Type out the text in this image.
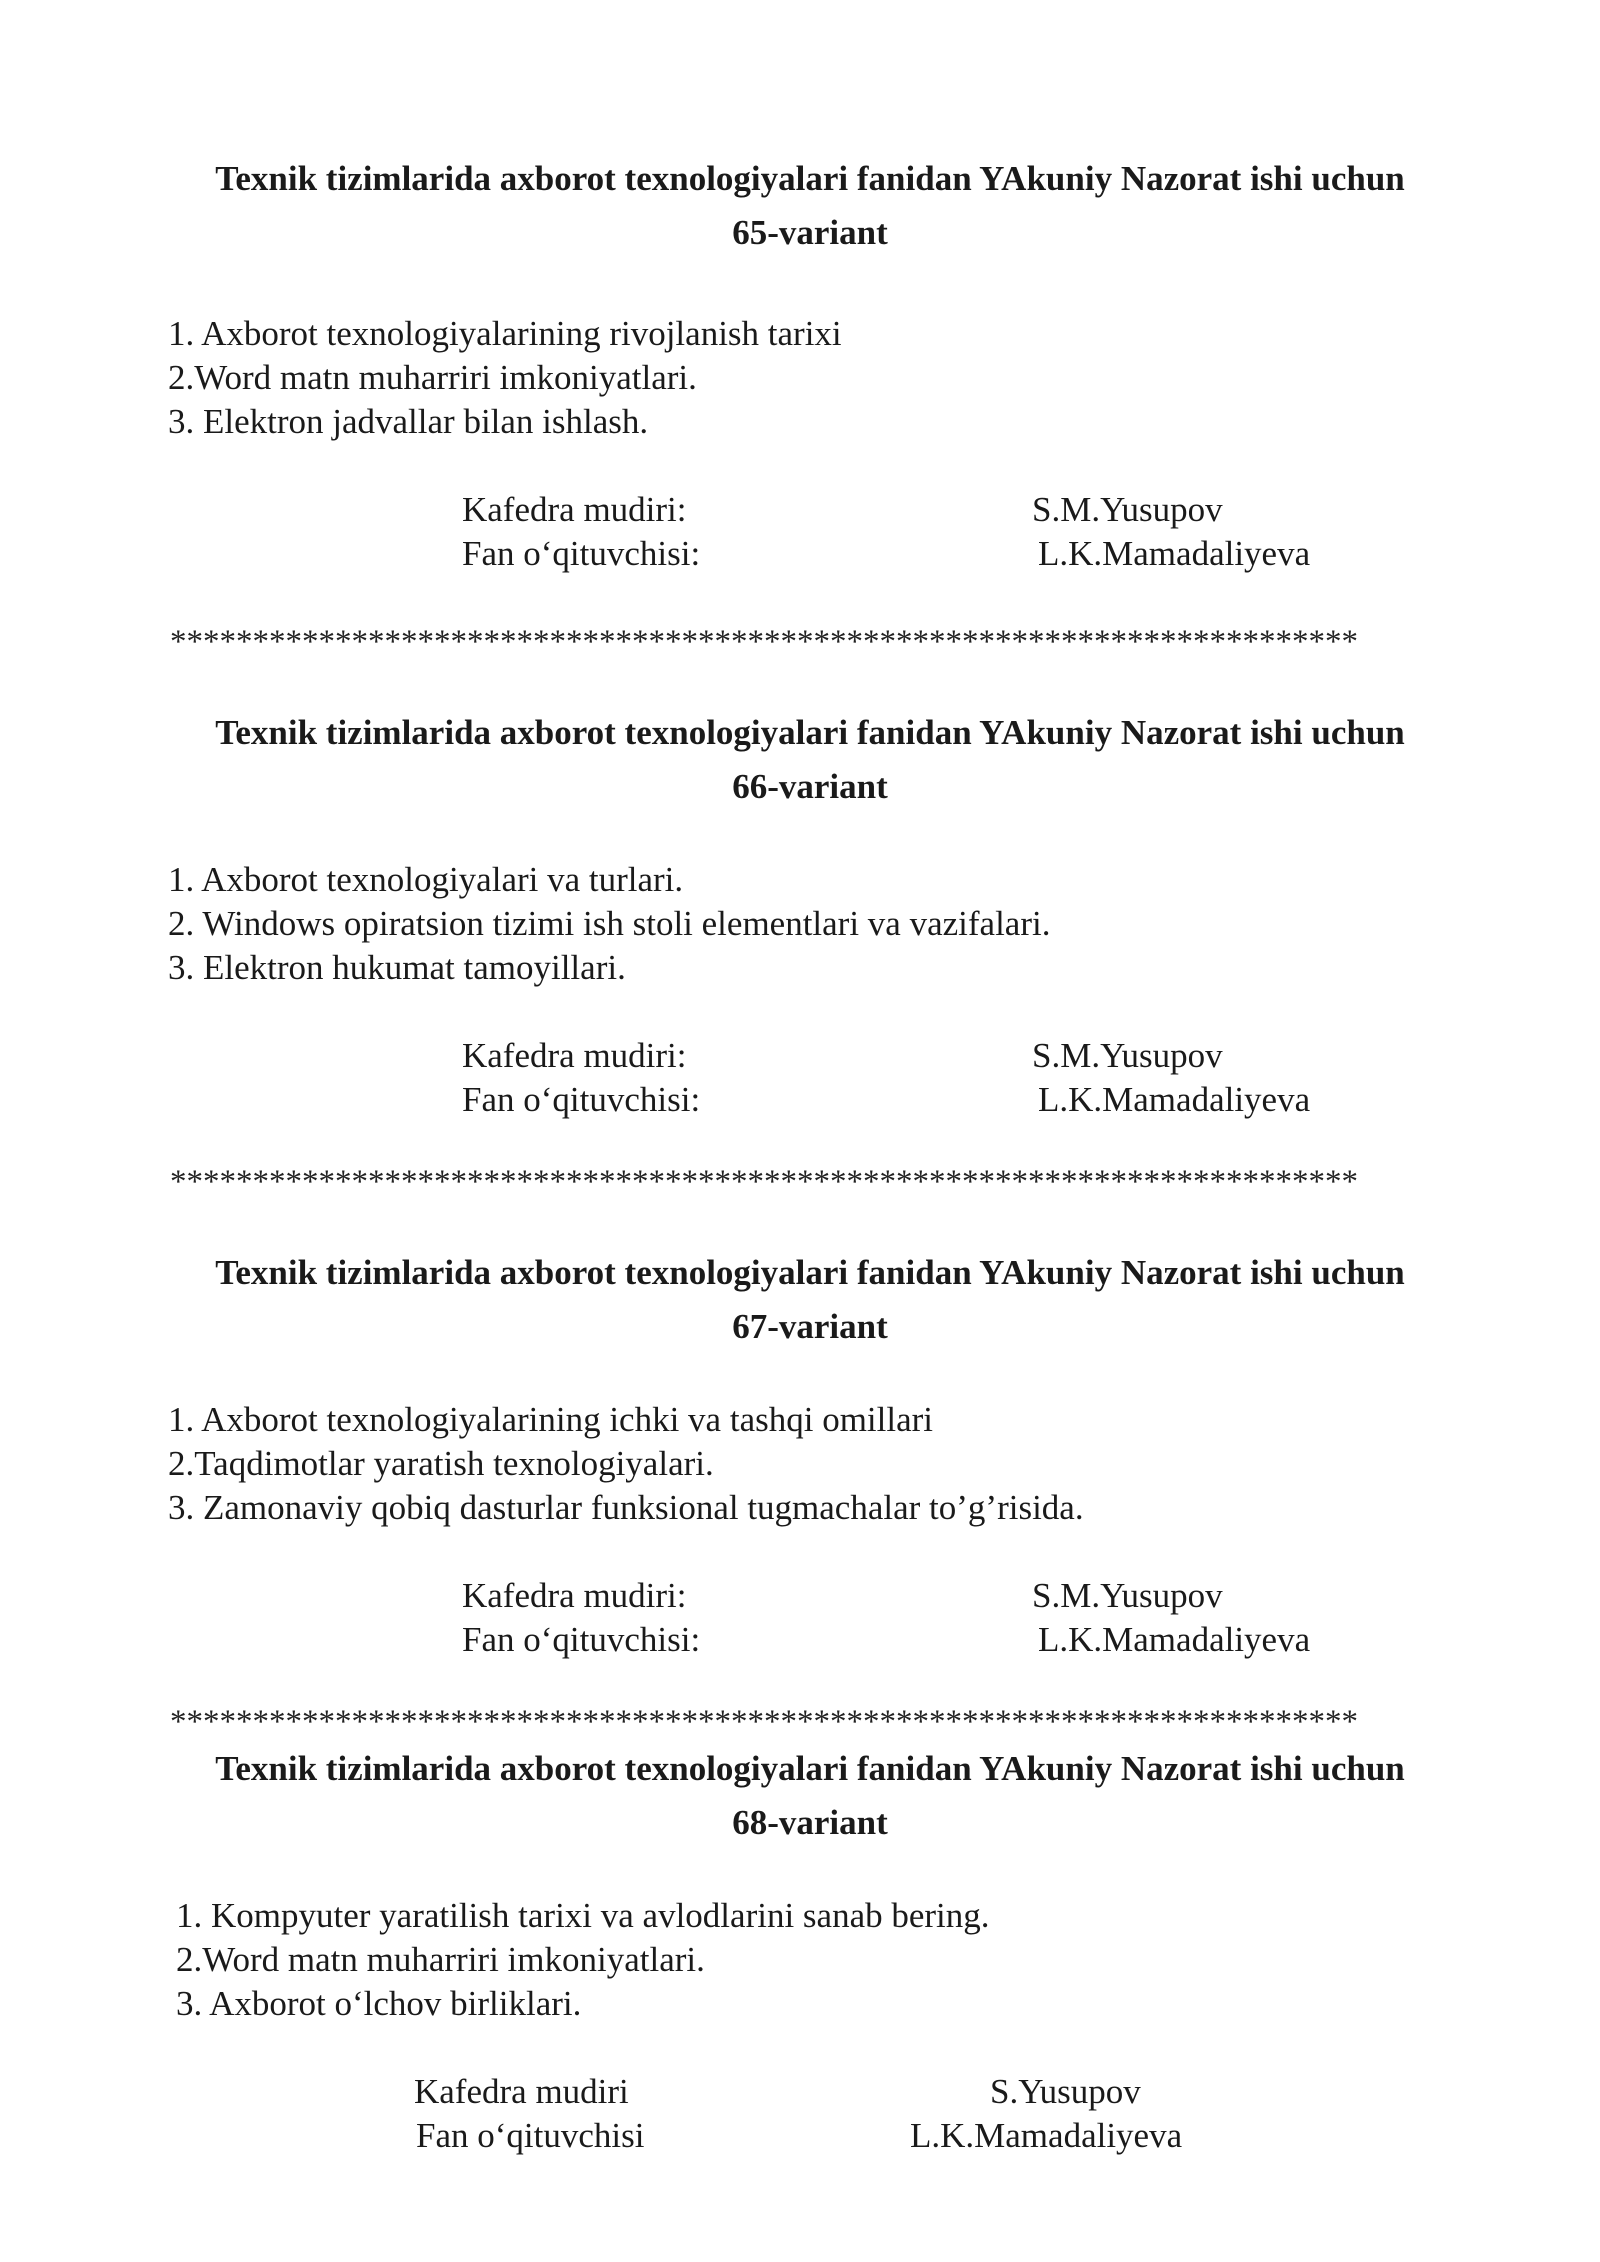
Texnik tizimlarida axborot texnologiyalari fanidan YAkuniy Nazorat ishi uchun
65-variant
1. Axborot texnologiyalarining rivojlanish tarixi
2.Word matn muharriri imkoniyatlari.
3. Elektron jadvallar bilan ishlash.
Kafedra mudiri:	S.M.Yusupov
Fan o‘qituvchisi:	L.K.Mamadaliyeva
************************************************************************
Texnik tizimlarida axborot texnologiyalari fanidan YAkuniy Nazorat ishi uchun
66-variant
1. Axborot texnologiyalari va turlari.
2. Windows opiratsion tizimi ish stoli elementlari va vazifalari.
3. Elektron hukumat tamoyillari.
Kafedra mudiri:	S.M.Yusupov
Fan o‘qituvchisi:	L.K.Mamadaliyeva
************************************************************************
Texnik tizimlarida axborot texnologiyalari fanidan YAkuniy Nazorat ishi uchun
67-variant
1. Axborot texnologiyalarining ichki va tashqi omillari
2.Taqdimotlar yaratish texnologiyalari.
3. Zamonaviy qobiq dasturlar funksional tugmachalar to’g’risida.
Kafedra mudiri:	S.M.Yusupov
Fan o‘qituvchisi:	L.K.Mamadaliyeva
************************************************************************
Texnik tizimlarida axborot texnologiyalari fanidan YAkuniy Nazorat ishi uchun
68-variant
1. Kompyuter yaratilish tarixi va avlodlarini sanab bering.
2.Word matn muharriri imkoniyatlari.
3. Axborot o‘lchov birliklari.
Kafedra mudiri	S.Yusupov
Fan o‘qituvchisi	L.K.Mamadaliyeva
